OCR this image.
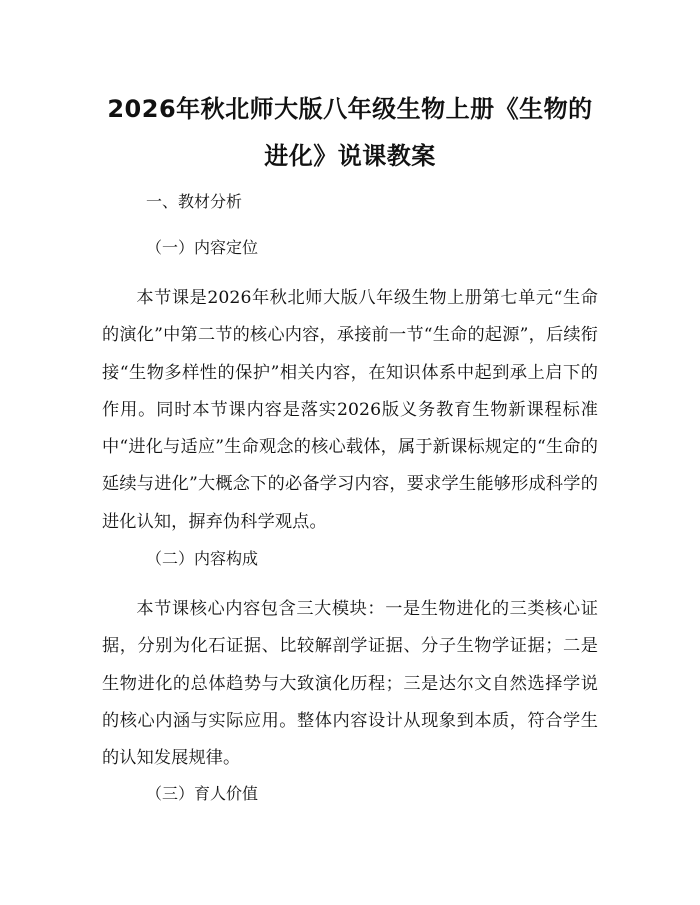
2026年秋北师大版八年级生物上册《生物的进化》说课教案

一、教材分析

（一）内容定位

本节课是2026年秋北师大版八年级生物上册第七单元“生命的演化”中第二节的核心内容，承接前一节“生命的起源”，后续衔接“生物多样性的保护”相关内容，在知识体系中起到承上启下的作用。同时本节课内容是落实2026版义务教育生物新课程标准中“进化与适应”生命观念的核心载体，属于新课标规定的“生命的延续与进化”大概念下的必备学习内容，要求学生能够形成科学的进化认知，摒弃伪科学观点。

（二）内容构成

本节课核心内容包含三大模块：一是生物进化的三类核心证据，分别为化石证据、比较解剖学证据、分子生物学证据；二是生物进化的总体趋势与大致演化历程；三是达尔文自然选择学说的核心内涵与实际应用。整体内容设计从现象到本质，符合学生的认知发展规律。

（三）育人价值
